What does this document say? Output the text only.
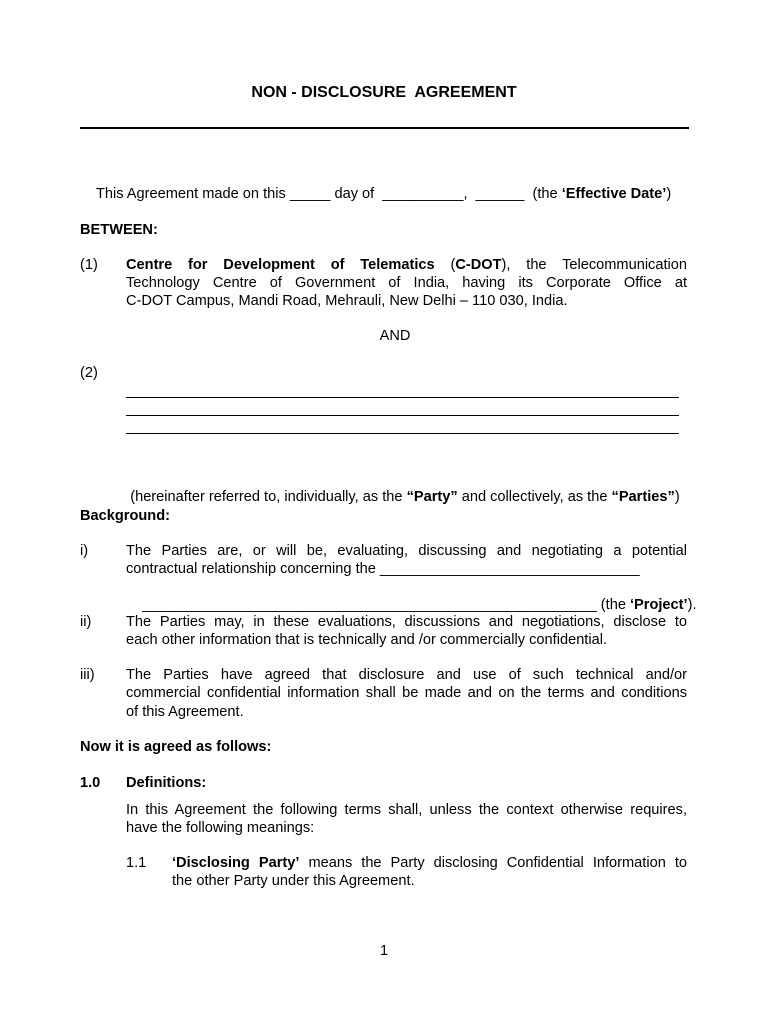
NON - DISCLOSURE  AGREEMENT

This Agreement made on this _____ day of  __________,  ______  (the ‘Effective Date’)

BETWEEN:
(1) Centre for Development of Telematics (C-DOT), the Telecommunication
Technology Centre of Government of India, having its Corporate Office at
C-DOT Campus, Mandi Road, Mehrauli, New Delhi – 110 030, India.
AND
(2)

(hereinafter referred to, individually, as the “Party” and collectively, as the “Parties”)

Background:
i)	The Parties are, or will be, evaluating, discussing and negotiating a potential
contractual relationship concerning the ________________________________

________________________________________________________ (the ‘Project’).

ii) The Parties may, in these evaluations, discussions and negotiations, disclose to
each other information that is technically and /or commercially confidential.
iii) The Parties have agreed that disclosure and use of such technical and/or
commercial confidential information shall be made and on the terms and conditions
of this Agreement.
Now it is agreed as follows:
1.0 Definitions:
In this Agreement the following terms shall, unless the context otherwise requires,
have the following meanings:
1.1 ‘Disclosing Party’ means the Party disclosing Confidential Information to
the other Party under this Agreement.
1
